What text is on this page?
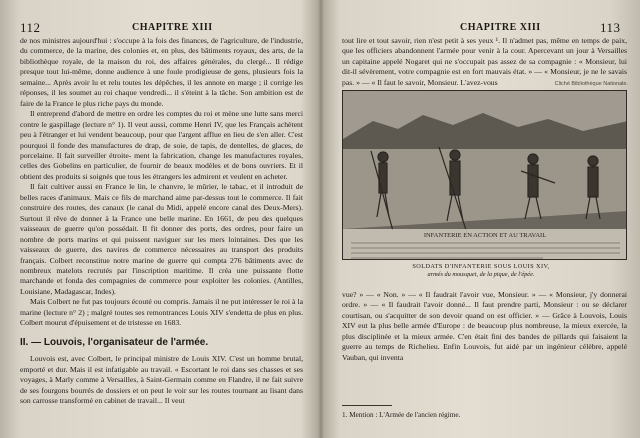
112	CHAPITRE XIII

de nos ministres aujourd'hui : s'occupe à la fois des finances, de l'agriculture, de l'industrie, du commerce, de la marine, des colonies et, en plus, des bâtiments royaux, des arts, de la bibliothèque royale, de la maison du roi, des affaires générales, du clergé... Il rédige presque tout lui-même, donne audience à une foule prodigieuse de gens, plusieurs fois la semaine... Après avoir lu et relu toutes les dépêches, il les annote en marge ; il corrige les réponses, il les soumet au roi chaque vendredi... il s'éteint à la tâche. Son ambition est de faire de la France le plus riche pays du monde.

Il entreprend d'abord de mettre en ordre les comptes du roi et mène une lutte sans merci contre le gaspillage (lecture n° 1). Il veut aussi, comme Henri IV, que les Français achètent peu à l'étranger et lui vendent beaucoup, pour que l'argent afflue en lieu de s'en aller. C'est pourquoi il fonde des manufactures de drap, de soie, de tapis, de dentelles, de glaces, de porcelaine. Il fait surveiller étroite- ment la fabrication, change les manufactures royales, celles des Gobelins en particulier, de fournir de beaux modèles et de bons ouvriers. Et il obtient des produits si soignés que tous les étrangers les admirent et veulent en acheter.

Il fait cultiver aussi en France le lin, le chanvre, le mûrier, le tabac, et il introduit de belles races d'animaux. Mais ce fils de marchand aime par-dessus tout le commerce. Il fait construire des routes, des canaux (le canal du Midi, appelé encore canal des Deux-Mers). Surtout il rêve de donner à la France une belle marine. En 1661, de peu des quelques vaisseaux de guerre qu'on possédait. Il fit donner des ports, des ordres, pour faire un nombre de ports marins et qui puissent naviguer sur les mers lointaines. Des que les vaisseaux de guerre, des navires de commerce nécessaires au transport des produits français. Colbert reconstitue notre marine de guerre qui compta 276 bâtiments avec de nombreux matelots recrutés par l'inscription maritime. Il créa une puissante flotte marchande et fonda des compagnies de commerce pour exploiter les colonies. (Antilles, Louisiane, Madagascar, Indes).

Mais Colbert ne fut pas toujours écouté ou compris. Jamais il ne put intéresser le roi à la marine (lecture n° 2) ; malgré toutes ses remontrances Louis XIV s'endetta de plus en plus. Colbert mourut d'épuisement et de tristesse en 1683.

II. — Louvois, l'organisateur de l'armée.

Louvois est, avec Colbert, le principal ministre de Louis XIV. C'est un homme brutal, emporté et dur. Mais il est infatigable au travail. « Escortant le roi dans ses chasses et ses voyages, à Marly comme à Versailles, à Saint-Germain comme en Flandre, il ne fait suivre de ses fourgons bourrés de dossiers et on peut le voir sur les routes tournant au lisant dans son carrosse transformé en cabinet de travail... Il veut

CHAPITRE XIII	113
tout lire et tout savoir, rien n'est petit à ses yeux ¹. Il n'admet pas, même en temps de paix, que les officiers abandonnent l'armée pour venir à la cour. Apercevant un jour à Versailles un capitaine appelé Nogaret qui ne s'occupait pas assez de sa compagnie : « Monsieur, lui dit-il sévèrement, votre compagnie est en fort mauvais état. » — « Monsieur, je ne le savais pas. » — « Il faut le savoir, Monsieur. L'avez-vous	Cliché Bibliothèque Nationale.
INFANTERIE EN ACTION ET AU TRAVAIL
SOLDATS D'INFANTERIE SOUS LOUIS XIV,
armés du mousquet, de la pique, de l'épée.
vue? » — « Non. » — « Il faudrait l'avoir vue, Monsieur. » — « Monsieur, j'y donnerai ordre. » — « Il faudrait l'avoir donné... Il faut prendre parti, Monsieur : ou se déclarer courtisan, ou s'acquitter de son devoir quand on est officier. » — Grâce à Louvois, Louis XIV eut la plus belle armée d'Europe : de beaucoup plus nombreuse, la mieux exercée, la plus disciplinée et la mieux armée. C'en était fini des bandes de pillards qui faisaient la guerre au temps de Richelieu. Enfin Louvois, fut aidé par un ingénieur célèbre, appelé Vauban, qui inventa
1. Mention : L'Armée de l'ancien régime.
